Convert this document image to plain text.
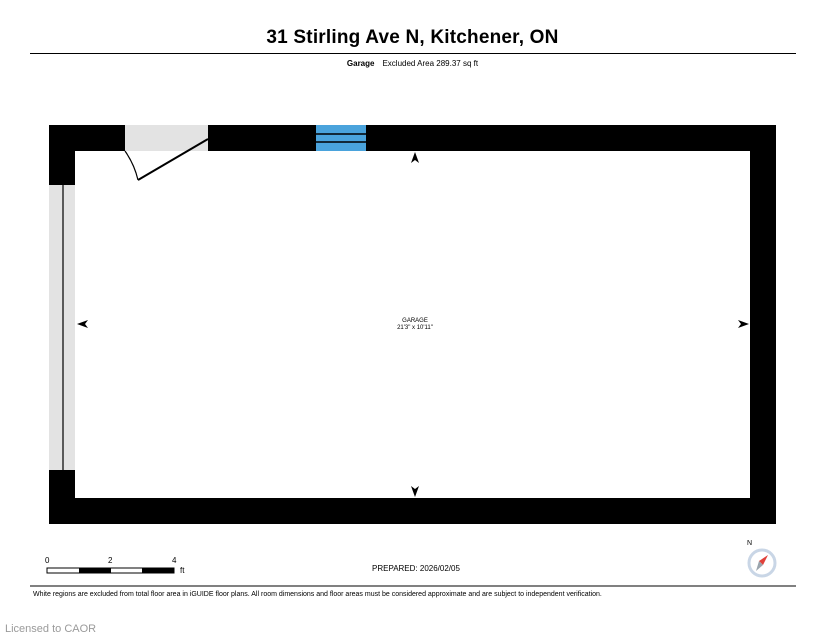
31 Stirling Ave N, Kitchener, ON
Garage Excluded Area 289.37 sq ft
GARAGE
21'3" x 10'11"
0	2	4
ft
N
PREPARED: 2026/02/05
White regions are excluded from total floor area in iGUIDE floor plans. All room dimensions and floor areas must be considered approximate and are subject to independent verification.
Licensed to CAOR
